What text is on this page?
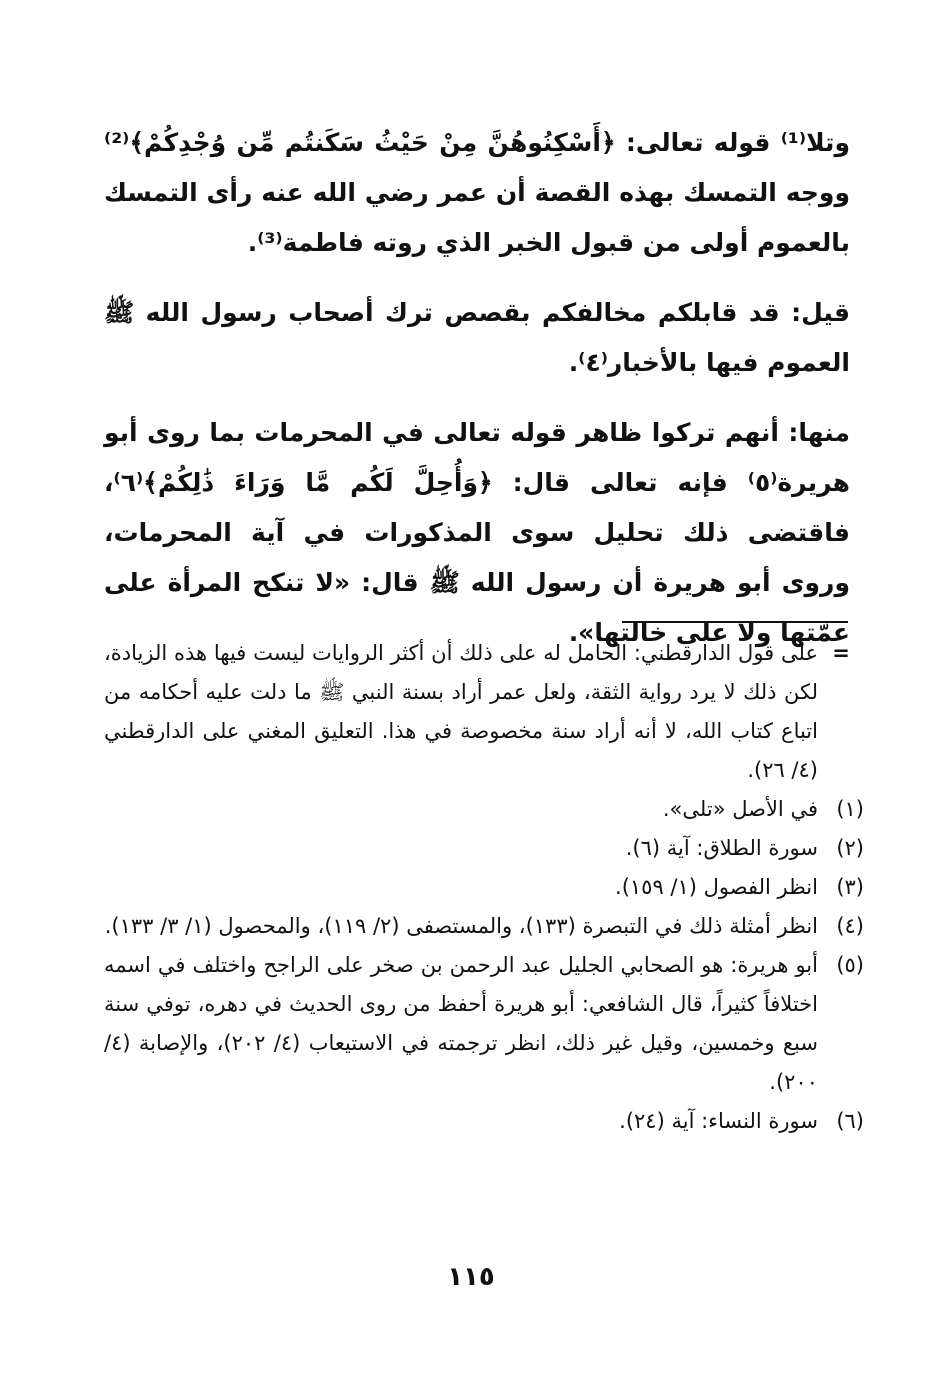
وتلا⁽¹⁾ قوله تعالى: ﴿أَسْكِنُوهُنَّ مِنْ حَيْثُ سَكَنتُم مِّن وُجْدِكُمْ﴾⁽²⁾ ووجه التمسك بهذه القصة أن عمر رضي الله عنه رأى التمسك بالعموم أولى من قبول الخبر الذي روته فاطمة⁽³⁾.

قيل: قد قابلكم مخالفكم بقصص ترك أصحاب رسول الله ﷺ العموم فيها بالأخبار⁽٤⁾.

منها: أنهم تركوا ظاهر قوله تعالى في المحرمات بما روى أبو هريرة⁽٥⁾ فإنه تعالى قال: ﴿وَأُحِلَّ لَكُم مَّا وَرَاءَ ذَٰلِكُمْ﴾⁽٦⁾، فاقتضى ذلك تحليل سوى المذكورات في آية المحرمات، وروى أبو هريرة أن رسول الله ﷺ قال: «لا تنكح المرأة على عمّتها ولا على خالتها».

=
على قول الدارقطني: الحامل له على ذلك أن أكثر الروايات ليست فيها هذه الزيادة، لكن ذلك لا يرد رواية الثقة، ولعل عمر أراد بسنة النبي ﷺ ما دلت عليه أحكامه من اتباع كتاب الله، لا أنه أراد سنة مخصوصة في هذا. التعليق المغني على الدارقطني (٤/ ٢٦).
(١)
في الأصل «تلى».
(٢)
سورة الطلاق: آية (٦).
(٣)
انظر الفصول (١/ ١٥٩).
(٤)
انظر أمثلة ذلك في التبصرة (١٣٣)، والمستصفى (٢/ ١١٩)، والمحصول (١/ ٣/ ١٣٣).
(٥)
أبو هريرة: هو الصحابي الجليل عبد الرحمن بن صخر على الراجح واختلف في اسمه اختلافاً كثيراً، قال الشافعي: أبو هريرة أحفظ من روى الحديث في دهره، توفي سنة سبع وخمسين، وقيل غير ذلك، انظر ترجمته في الاستيعاب (٤/ ٢٠٢)، والإصابة (٤/ ٢٠٠).
(٦)
سورة النساء: آية (٢٤).
١١٥
